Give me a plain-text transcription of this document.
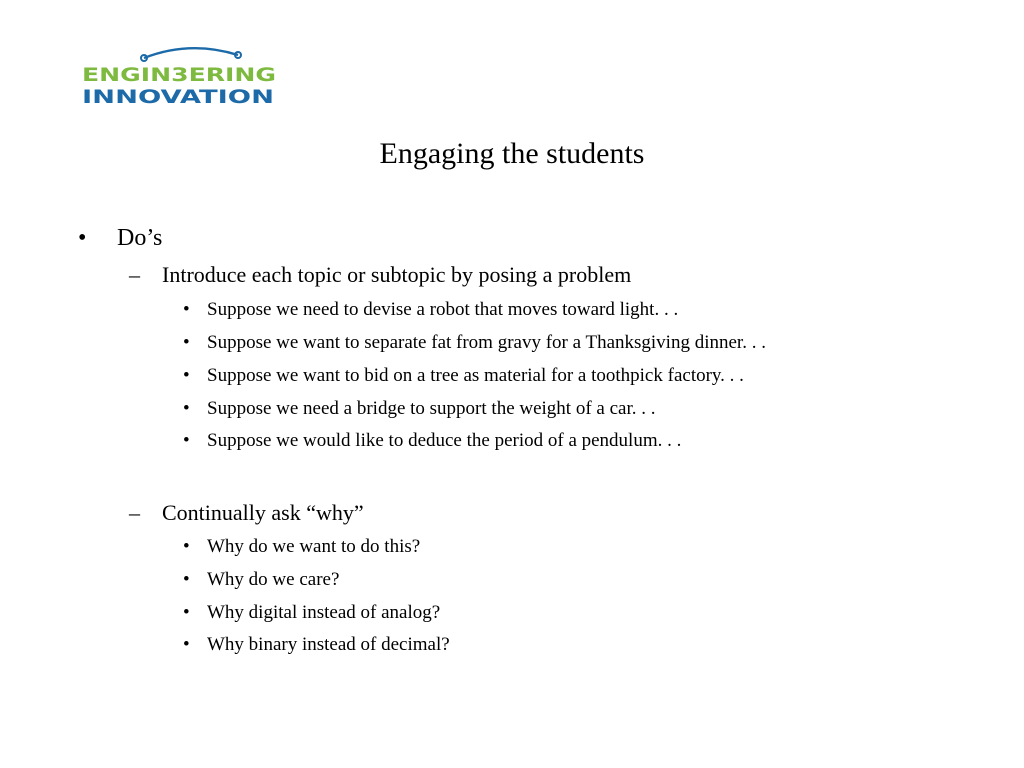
ENGIN3ERING
INNOVATION
Engaging the students
• Do’s
– Introduce each topic or subtopic by posing a problem
• Suppose we need to devise a robot that moves toward light. . .
• Suppose we want to separate fat from gravy for a Thanksgiving dinner. . .
• Suppose we want to bid on a tree as material for a toothpick factory. . .
• Suppose we need a bridge to support the weight of a car. . .
• Suppose we would like to deduce the period of a pendulum. . .
– Continually ask “why”
• Why do we want to do this?
• Why do we care?
• Why digital instead of analog?
• Why binary instead of decimal?
